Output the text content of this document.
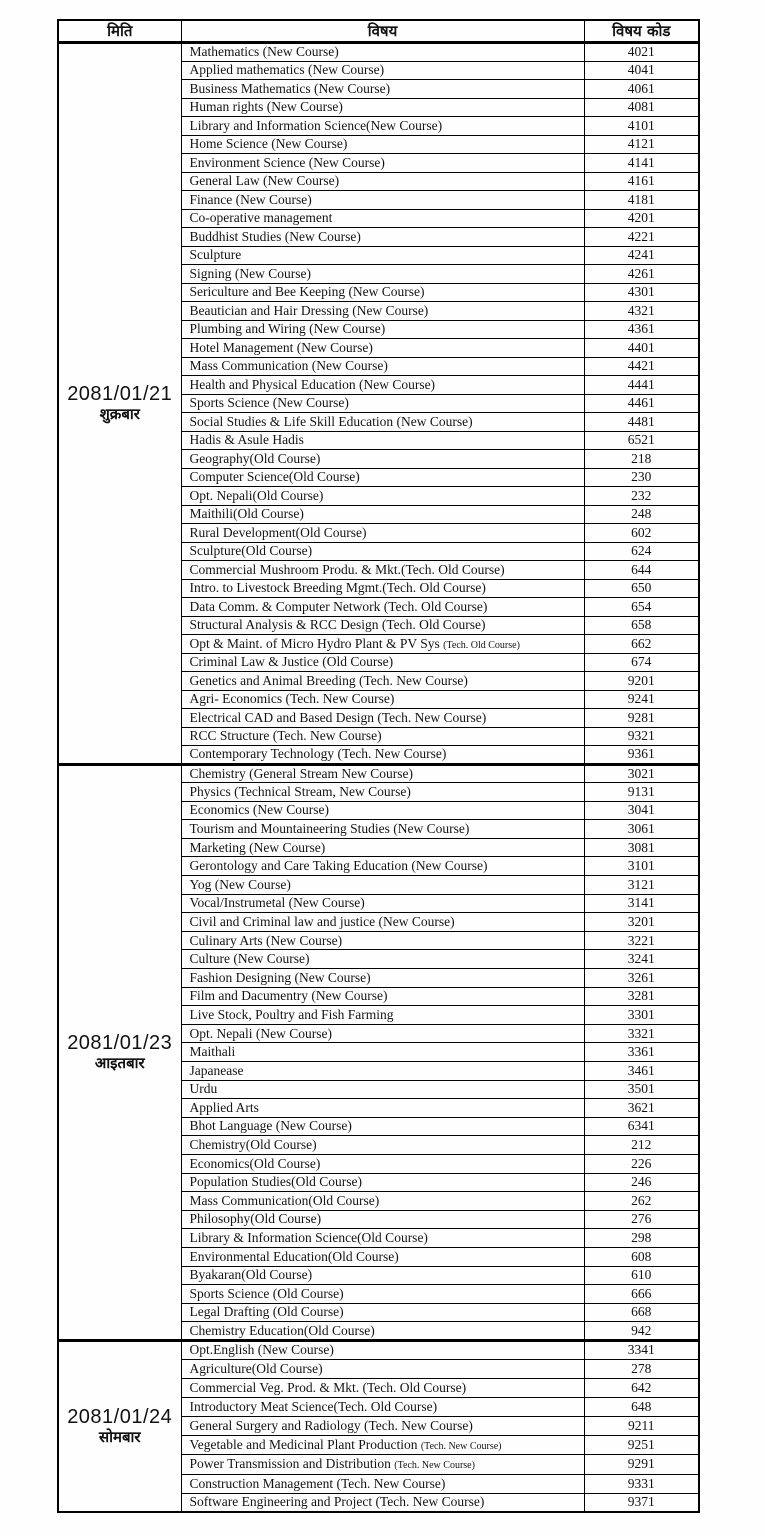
मिति	विषय	विषय कोड

2081/01/21
शुक्रबार	Mathematics (New Course)	4021
	Applied mathematics (New Course)	4041
	Business Mathematics (New Course)	4061
	Human rights (New Course)	4081
	Library and Information Science(New Course)	4101
	Home Science (New Course)	4121
	Environment Science (New Course)	4141
	General Law (New Course)	4161
	Finance (New Course)	4181
	Co-operative management	4201
	Buddhist Studies (New Course)	4221
	Sculpture	4241
	Signing (New Course)	4261
	Sericulture and Bee Keeping (New Course)	4301
	Beautician and Hair Dressing (New Course)	4321
	Plumbing and Wiring (New Course)	4361
	Hotel Management (New Course)	4401
	Mass Communication (New Course)	4421
	Health and Physical Education (New Course)	4441
	Sports Science (New Course)	4461
	Social Studies & Life Skill Education (New Course)	4481
	Hadis & Asule Hadis	6521
	Geography(Old Course)	218
	Computer Science(Old Course)	230
	Opt. Nepali(Old Course)	232
	Maithili(Old Course)	248
	Rural Development(Old Course)	602
	Sculpture(Old Course)	624
	Commercial Mushroom Produ. & Mkt.(Tech. Old Course)	644
	Intro. to Livestock Breeding Mgmt.(Tech. Old Course)	650
	Data Comm. & Computer Network (Tech. Old Course)	654
	Structural Analysis & RCC Design (Tech. Old Course)	658
	Opt & Maint. of Micro Hydro Plant & PV Sys (Tech. Old Course)	662
	Criminal Law & Justice (Old Course)	674
	Genetics and Animal Breeding (Tech. New Course)	9201
	Agri- Economics (Tech. New Course)	9241
	Electrical CAD and Based Design (Tech. New Course)	9281
	RCC Structure (Tech. New Course)	9321
	Contemporary Technology (Tech. New Course)	9361

2081/01/23
आइतबार	Chemistry (General Stream New Course)	3021
	Physics (Technical Stream, New Course)	9131
	Economics (New Course)	3041
	Tourism and Mountaineering Studies (New Course)	3061
	Marketing (New Course)	3081
	Gerontology and Care Taking Education (New Course)	3101
	Yog (New Course)	3121
	Vocal/Instrumetal (New Course)	3141
	Civil and Criminal law and justice (New Course)	3201
	Culinary Arts (New Course)	3221
	Culture (New Course)	3241
	Fashion Designing (New Course)	3261
	Film and Dacumentry (New Course)	3281
	Live Stock, Poultry and Fish Farming	3301
	Opt. Nepali (New Course)	3321
	Maithali	3361
	Japanease	3461
	Urdu	3501
	Applied Arts	3621
	Bhot Language (New Course)	6341
	Chemistry(Old Course)	212
	Economics(Old Course)	226
	Population Studies(Old Course)	246
	Mass Communication(Old Course)	262
	Philosophy(Old Course)	276
	Library & Information Science(Old Course)	298
	Environmental Education(Old Course)	608
	Byakaran(Old Course)	610
	Sports Science (Old Course)	666
	Legal Drafting (Old Course)	668
	Chemistry Education(Old Course)	942

2081/01/24
सोमबार	Opt.English (New Course)	3341
	Agriculture(Old Course)	278
	Commercial Veg. Prod. & Mkt. (Tech. Old Course)	642
	Introductory Meat Science(Tech. Old Course)	648
	General Surgery and Radiology (Tech. New Course)	9211
	Vegetable and Medicinal Plant Production (Tech. New Course)	9251
	Power Transmission and Distribution (Tech. New Course)	9291
	Construction Management (Tech. New Course)	9331
	Software Engineering and Project (Tech. New Course)	9371
